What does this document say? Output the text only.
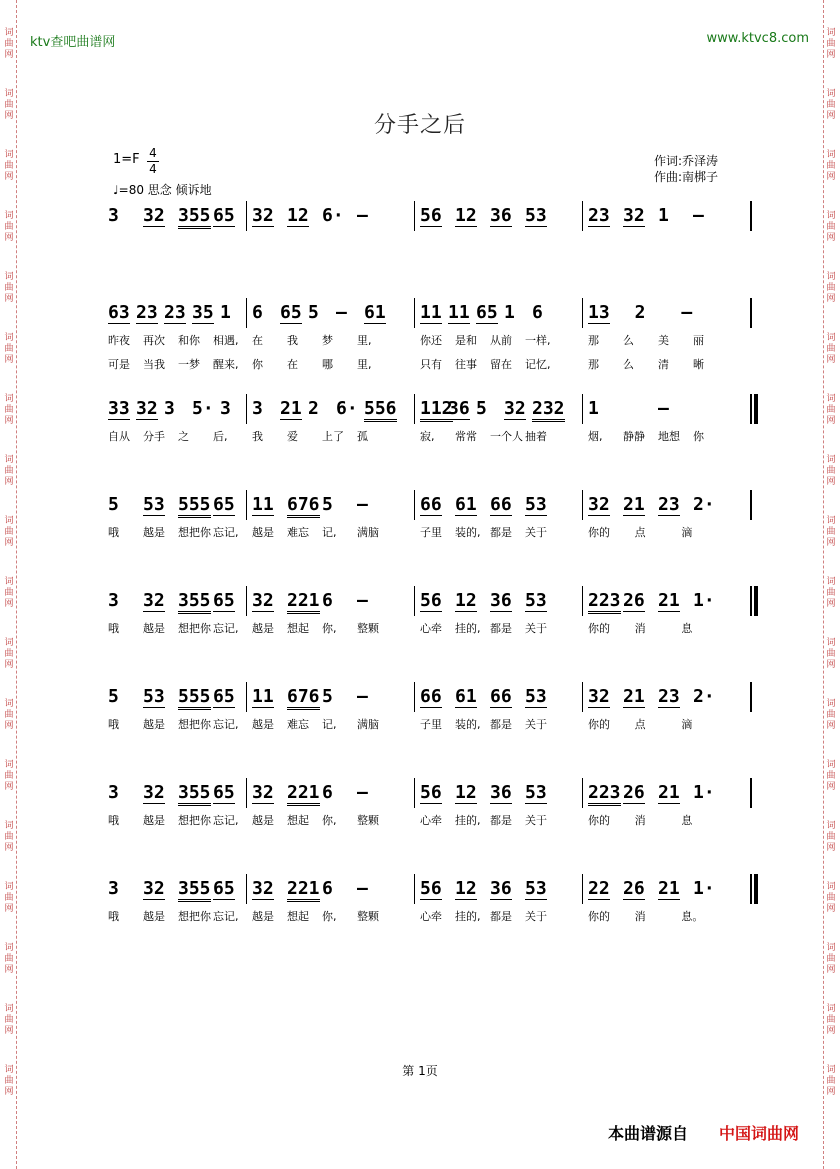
词
曲
网
词
曲
网
词
曲
网
词
曲
网
词
曲
网
词
曲
网
词
曲
网
词
曲
网
词
曲
网
词
曲
网
词
曲
网
词
曲
网
词
曲
网
词
曲
网
词
曲
网
词
曲
网
词
曲
网
词
曲
网
词
曲
网
词
曲
网
词
曲
网
词
曲
网
词
曲
网
词
曲
网
词
曲
网
词
曲
网
词
曲
网
词
曲
网
词
曲
网
词
曲
网
词
曲
网
词
曲
网
词
曲
网
词
曲
网
词
曲
网
词
曲
网
ktv查吧曲谱网	www.ktvc8.com
分手之后
$1=F \frac{4}{4}$
♩=80 思念 倾诉地
作词:乔泽涛
作曲:南梆子
3 32 355 65 32 12 6· –	56 12 36 53 23 32 1 –
63 23 23 35 1 6 65 5 – 61 11 11 65 1 6	13 2 –
昨夜 再次 和你 相遇, 在 我 梦 里,	你还 是和 从前 一样,	那 么 美 丽
可是 当我 一梦 醒来, 你 在 哪 里,	只有 往事 留在 记忆,	那 么 清 晰
33 32 3 5· 3 3 21 2 6· 556 112
36 5 32 232 1	–
自从 分手 之 后, 我 爱 上了 孤	寂, 常常 一个人 抽着	烟, 静静 地想 你
5 53 555 65 11 676 5 –	66 61 66 53 32 21 23 2·
哦 越是 想把你 忘记, 越是 难忘 记, 满脑	子里 装的, 都是 关于	你的 点	滴
3 32 355 65 32 221 6 –	56 12 36 53 223 26 21 1·
哦 越是 想把你 忘记, 越是 想起 你, 整颗	心牵 挂的, 都是 关于	你的 消	息
5 53 555 65 11 676 5 –	66 61 66 53 32 21 23 2·
哦 越是 想把你 忘记, 越是 难忘 记, 满脑	子里 装的, 都是 关于	你的 点	滴
3 32 355 65 32 221 6 –	56 12 36 53 223 26 21 1·
哦 越是 想把你 忘记, 越是 想起 你, 整颗	心牵 挂的, 都是 关于	你的 消	息
3 32 355 65 32 221 6 –	56 12 36 53 22 26 21 1·
哦 越是 想把你 忘记, 越是 想起 你, 整颗	心牵 挂的, 都是 关于	你的 消	息。
第 1页
本曲谱源自 中国词曲网
